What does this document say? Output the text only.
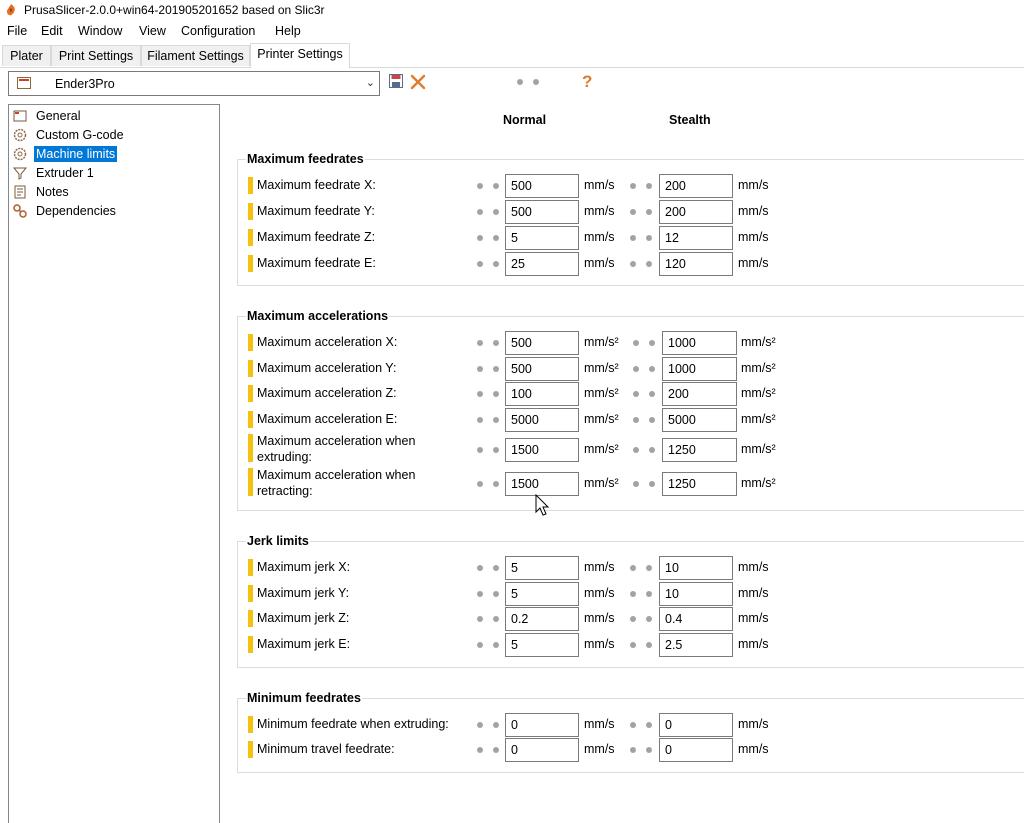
PrusaSlicer-2.0.0+win64-201905201652 based on Slic3r
File Edit Window View Configuration Help
Plater	Print Settings	Filament Settings	Printer Settings
Ender3Pro	⌄	?
General
Custom G-code
Machine limits
Extruder 1
Notes
Dependencies
Normal	Stealth
Maximum feedrates
Maximum accelerations
Jerk limits
Minimum feedrates
Maximum feedrate X:	500	mm/s	200	mm/s
Maximum feedrate Y:	500	mm/s	200	mm/s
Maximum feedrate Z:	5	mm/s	12	mm/s
Maximum feedrate E:	25	mm/s	120	mm/s
Maximum acceleration X:	500	mm/s²	1000	mm/s²
Maximum acceleration Y:	500	mm/s²	1000	mm/s²
Maximum acceleration Z:	100	mm/s²	200	mm/s²
Maximum acceleration E:	5000	mm/s²	5000	mm/s²
Maximum acceleration when extruding:	1500	mm/s²	1250	mm/s²
Maximum acceleration when retracting:	1500	mm/s²	1250	mm/s²
Maximum jerk X:	5	mm/s	10	mm/s
Maximum jerk Y:	5	mm/s	10	mm/s
Maximum jerk Z:	0.2	mm/s	0.4	mm/s
Maximum jerk E:	5	mm/s	2.5	mm/s
Minimum feedrate when extruding:	0	mm/s	0	mm/s
Minimum travel feedrate:	0	mm/s	0	mm/s
